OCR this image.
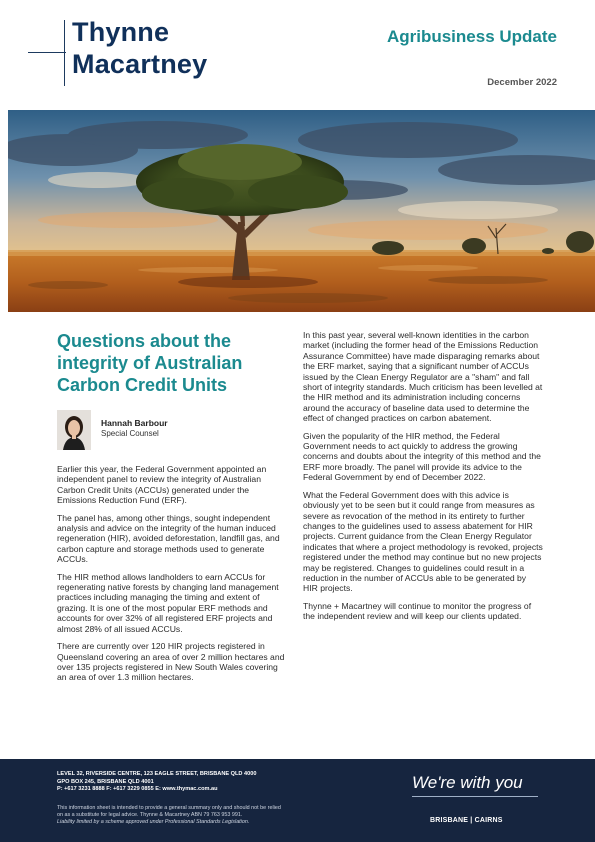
Thynne
Macartney
Agribusiness Update
December 2022
Questions about the integrity of Australian Carbon Credit Units
Hannah Barbour
Special Counsel

Earlier this year, the Federal Government appointed an independent panel to review the integrity of Australian Carbon Credit Units (ACCUs) generated under the Emissions Reduction Fund (ERF).

The panel has, among other things, sought independent analysis and advice on the integrity of the human induced regeneration (HIR), avoided deforestation, landfill gas, and carbon capture and storage methods used to generate ACCUs.

The HIR method allows landholders to earn ACCUs for regenerating native forests by changing land management practices including managing the timing and extent of grazing. It is one of the most popular ERF methods and accounts for over 32% of all registered ERF projects and almost 28% of all issued ACCUs.

There are currently over 120 HIR projects registered in Queensland covering an area of over 2 million hectares and over 135 projects registered in New South Wales covering an area of over 1.3 million hectares.

In this past year, several well-known identities in the carbon market (including the former head of the Emissions Reduction Assurance Committee) have made disparaging remarks about the ERF market, saying that a significant number of ACCUs issued by the Clean Energy Regulator are a "sham" and fall short of integrity standards. Much criticism has been levelled at the HIR method and its administration including concerns around the accuracy of baseline data used to determine the effect of changed practices on carbon abatement.

Given the popularity of the HIR method, the Federal Government needs to act quickly to address the growing concerns and doubts about the integrity of this method and the ERF more broadly. The panel will provide its advice to the Federal Government by end of December 2022.

What the Federal Government does with this advice is obviously yet to be seen but it could range from measures as severe as revocation of the method in its entirety to further changes to the guidelines used to assess abatement for HIR projects. Current guidance from the Clean Energy Regulator indicates that where a project methodology is revoked, projects registered under the method may continue but no new projects may be registered. Changes to guidelines could result in a reduction in the number of ACCUs able to be generated by HIR projects.

Thynne + Macartney will continue to monitor the progress of the independent review and will keep our clients updated.

LEVEL 32, RIVERSIDE CENTRE, 123 EAGLE STREET, BRISBANE QLD 4000
GPO BOX 245, BRISBANE QLD 4001
P: +617 3231 8888 F: +617 3229 0855 E: www.thymac.com.au
This information sheet is intended to provide a general summary only and should not be relied
on as a substitute for legal advice. Thynne & Macartney ABN 79 763 953 991.
Liability limited by a scheme approved under Professional Standards Legislation.
We're with you
BRISBANE | CAIRNS
